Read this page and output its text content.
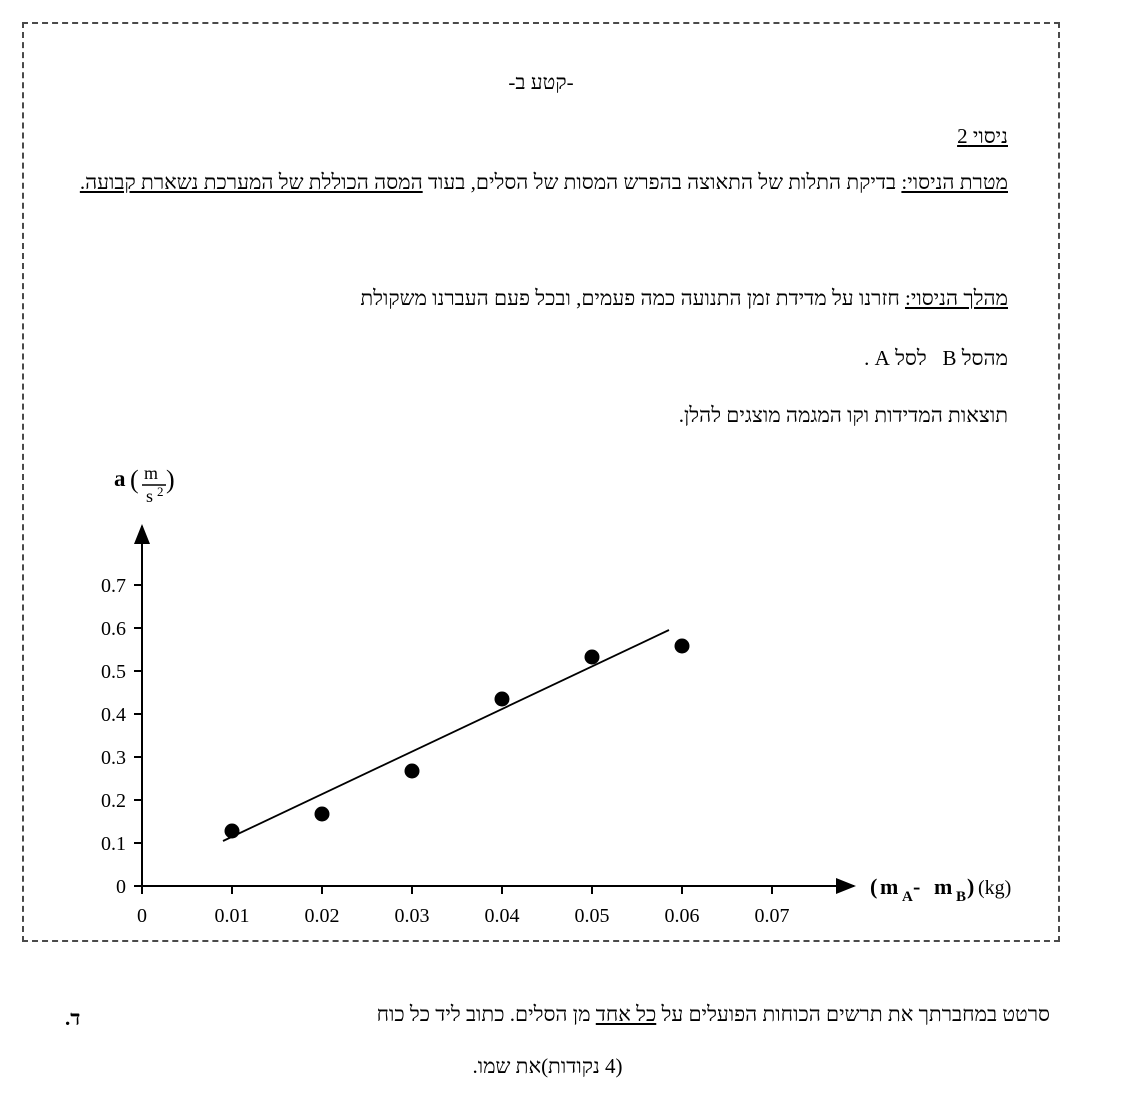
-קטע ב-
ניסוי 2
מטרת הניסוי: בדיקת התלות של התאוצה בהפרש המסות של הסלים, בעוד המסה הכוללת של המערכת נשארת קבועה.
מהלך הניסוי: חזרנו על מדידת זמן התנועה כמה פעמים, ובכל פעם העברנו משקולת
מהסל B   לסל A .
תוצאות המדידות וקו המגמה מוצגים להלן.
0
0.1
0.2
0.3
0.4
0.5
0.6
0.7
0	0.01	0.02	0.03	0.04	0.05	0.06	0.07
a ( m
s 2 )
( m A - m B ) (kg)
ד.	סרטט במחברתך את תרשים הכוחות הפועלים על כל אחד מן הסלים. כתוב ליד כל כוח
(4 נקודות)את שמו.
